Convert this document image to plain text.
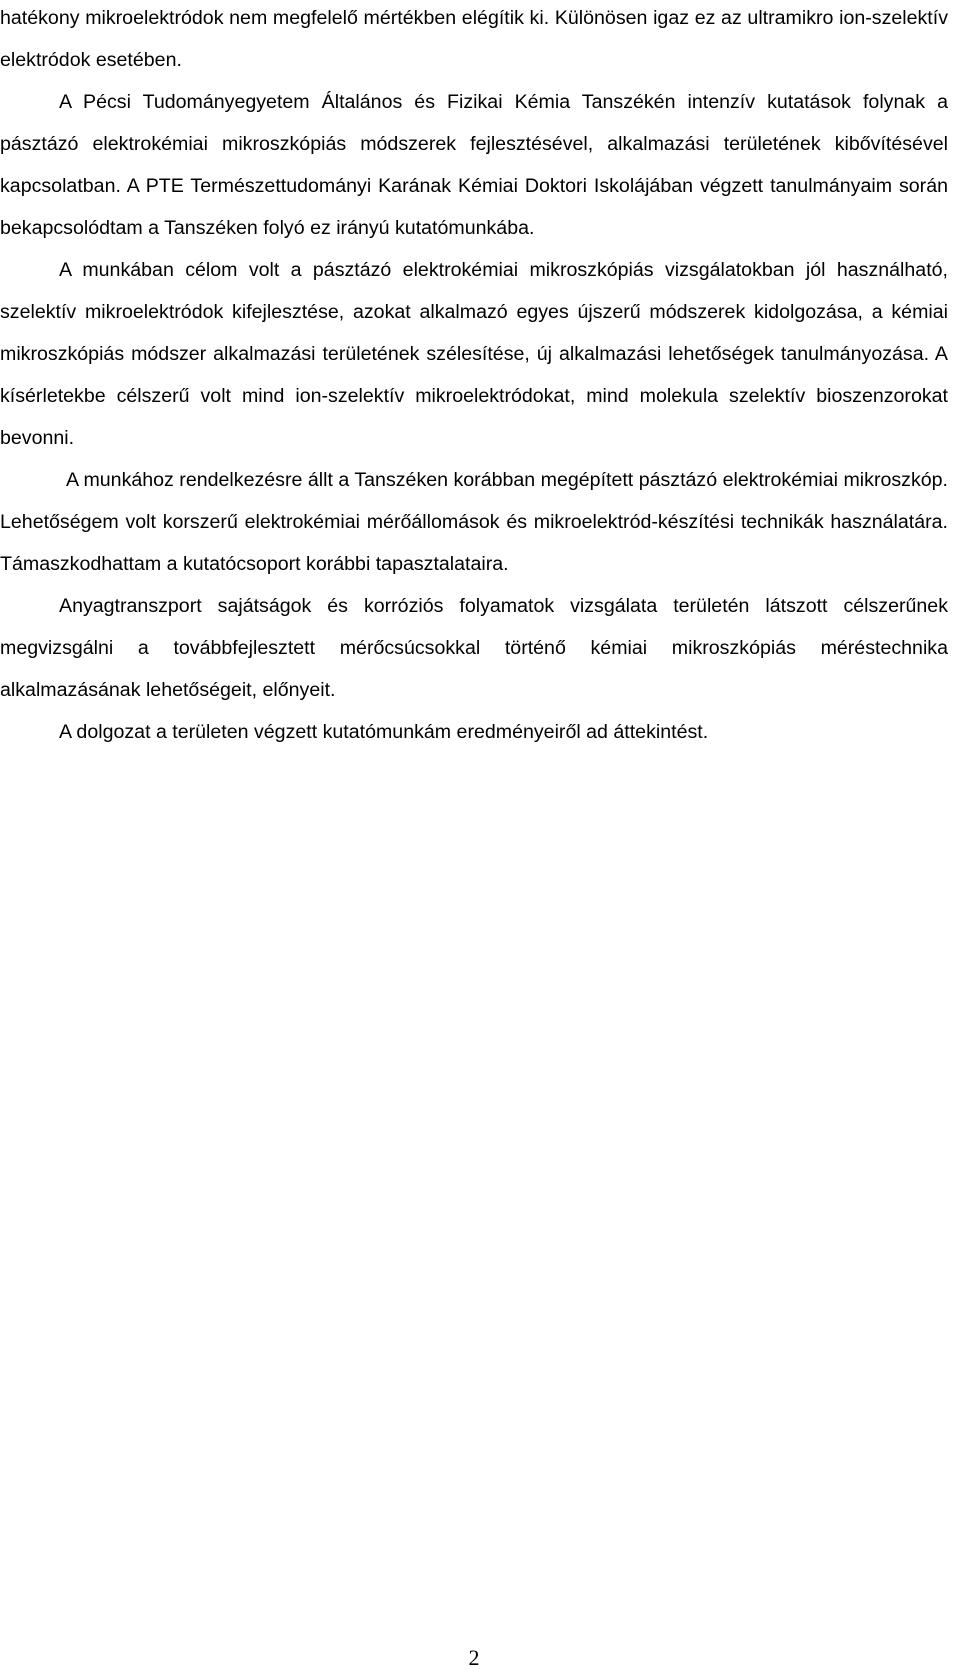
hatékony mikroelektródok nem megfelelő mértékben elégítik ki. Különösen igaz ez az ultramikro ion-szelektív elektródok esetében.

A Pécsi Tudományegyetem Általános és Fizikai Kémia Tanszékén intenzív kutatások folynak a pásztázó elektrokémiai mikroszkópiás módszerek fejlesztésével, alkalmazási területének kibővítésével kapcsolatban. A PTE Természettudományi Karának Kémiai Doktori Iskolájában végzett tanulmányaim során bekapcsolódtam a Tanszéken folyó ez irányú kutatómunkába.

A munkában célom volt a pásztázó elektrokémiai mikroszkópiás vizsgálatokban jól használható, szelektív mikroelektródok kifejlesztése, azokat alkalmazó egyes újszerű módszerek kidolgozása, a kémiai mikroszkópiás módszer alkalmazási területének szélesítése, új alkalmazási lehetőségek tanulmányozása. A kísérletekbe célszerű volt mind ion-szelektív mikroelektródokat, mind molekula szelektív bioszenzorokat bevonni.

A munkához rendelkezésre állt a Tanszéken korábban megépített pásztázó elektrokémiai mikroszkóp. Lehetőségem volt korszerű elektrokémiai mérőállomások és mikroelektród-készítési technikák használatára. Támaszkodhattam a kutatócsoport korábbi tapasztalataira.

Anyagtranszport sajátságok és korróziós folyamatok vizsgálata területén látszott célszerűnek megvizsgálni a továbbfejlesztett mérőcsúcsokkal történő kémiai mikroszkópiás méréstechnika alkalmazásának lehetőségeit, előnyeit.

A dolgozat a területen végzett kutatómunkám eredményeiről ad áttekintést.

2
